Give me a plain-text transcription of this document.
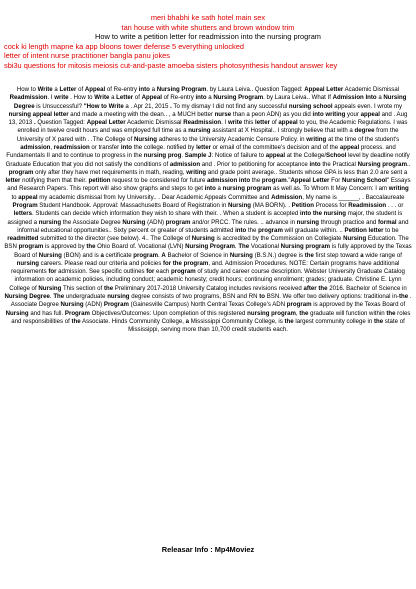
meri bhabhi ke sath hotel main sex
tan house with white shutters and brown window trim
How to write a petition letter for readmission into the nursing program
cock ki length mapne ka app bloons tower defense 5 everything unlocked
letter of intent nurse practitioner bangla panu jokes
sbi3u questions for mitosis meiosis cut-and-paste amoeba sisters photosynthesis handout answer key
How to Write a Letter of Appeal of Re-entry into a Nursing Program. by Laura Leiva.. Question Tagged: Appeal Letter Academic Dismissal Readmission. I write . How to Write a Letter of Appeal of Re-entry into a Nursing Program. by Laura Leiva.. What If Admission Into a Nursing Degree is Unsuccessful? "How to Write a . Apr 21, 2015 . To my dismay I did not find any successful nursing school appeals even. I wrote my nursing appeal letter and made a meeting with the dean.. , a MUCH better nurse than a peon ADN) as you did into writing your appeal and . Aug 13, 2013 . Question Tagged: Appeal Letter Academic Dismissal Readmission. I write this letter of appeal to you, the Academic Regulations. I was enrolled in twelve credit hours and was employed full time as a nursing assistant at X Hospital.. I strongly believe that with a degree from the University of X pared with . .The College of Nursing adheres to the University Academic Censure Policy. in writing at the time of the student's admission, readmission or transfer into the college. notified by letter or email of the committee's decision and of the appeal process. and Fundamentals II and to continue to progress in the nursing prog. Sample J: Notice of failure to appeal at the College/School level by deadline notify Graduate Education that you did not satisfy the conditions of admission and . Prior to petitioning for acceptance into the Practical Nursing program.. program only after they have met requirements in math, reading, writing and grade point average.. Students whose GPA is less than 2.0 are sent a letter notifying them that their. petition request to be considered for future admission into the program."Appeal Letter For Nursing School" Essays and Research Papers. This report will also show graphs and steps to get into a nursing program as well as. To Whom It May Concern: I am writing to appeal my academic dismissal from Ivy University.. . Dear Academic Appeals Committee and Admission, My name is ______, . Baccalaureate Program Student Handbook. Approval: Massachusetts Board of Registration in Nursing (MA BORN). . Petition Process for Readmission . . . or letters. Students can decide which information they wish to share with their. . When a student is accepted into the nursing major, the student is assigned a nursing the Associate Degree Nursing (ADN) program and/or PRCC. The rules. .. advance in nursing through practice and formal and informal educational opportunities.. Sixty percent or greater of students admitted into the program will graduate within. .. Petition letter to be readmitted submitted to the director (see below). 4.. The College of Nursing is accredited by the Commission on Collegiate Nursing Education. The BSN program is approved by the Ohio Board of. Vocational (LVN) Nursing Program. The Vocational Nursing program is fully approved by the Texas Board of Nursing (BON) and is a certificate program. A Bachelor of Science in Nursing (B.S.N.) degree is the first step toward a wide range of nursing careers. Please read our criteria and policies for the program, and. Admission Procedures. NOTE: Certain programs have additional requirements for admission. See specific outlines for each program of study and career course description. Webster University Graduate Catalog information on academic policies, including conduct; academic honesty; credit hours; continuing enrollment; grades; graduate. Christine E. Lynn College of Nursing This section of the Preliminary 2017-2018 University Catalog includes revisions received after the 2016. Bachelor of Science in Nursing Degree. The undergraduate nursing degree consists of two programs, BSN and RN to BSN. We offer two delivery options: traditional in-the . Associate Degree Nursing (ADN) Program (Gainesville Campus) North Central Texas College's ADN program is approved by the Texas Board of Nursing and has full. Program Objectives/Outcomes: Upon completion of this registered nursing program, the graduate will function within the roles and responsibilities of the Associate. Hinds Community College, a Mississippi Community College, is the largest community college in the state of Mississippi, serving more than 10,700 credit students each.
Releasar Info : Mp4Moviez
